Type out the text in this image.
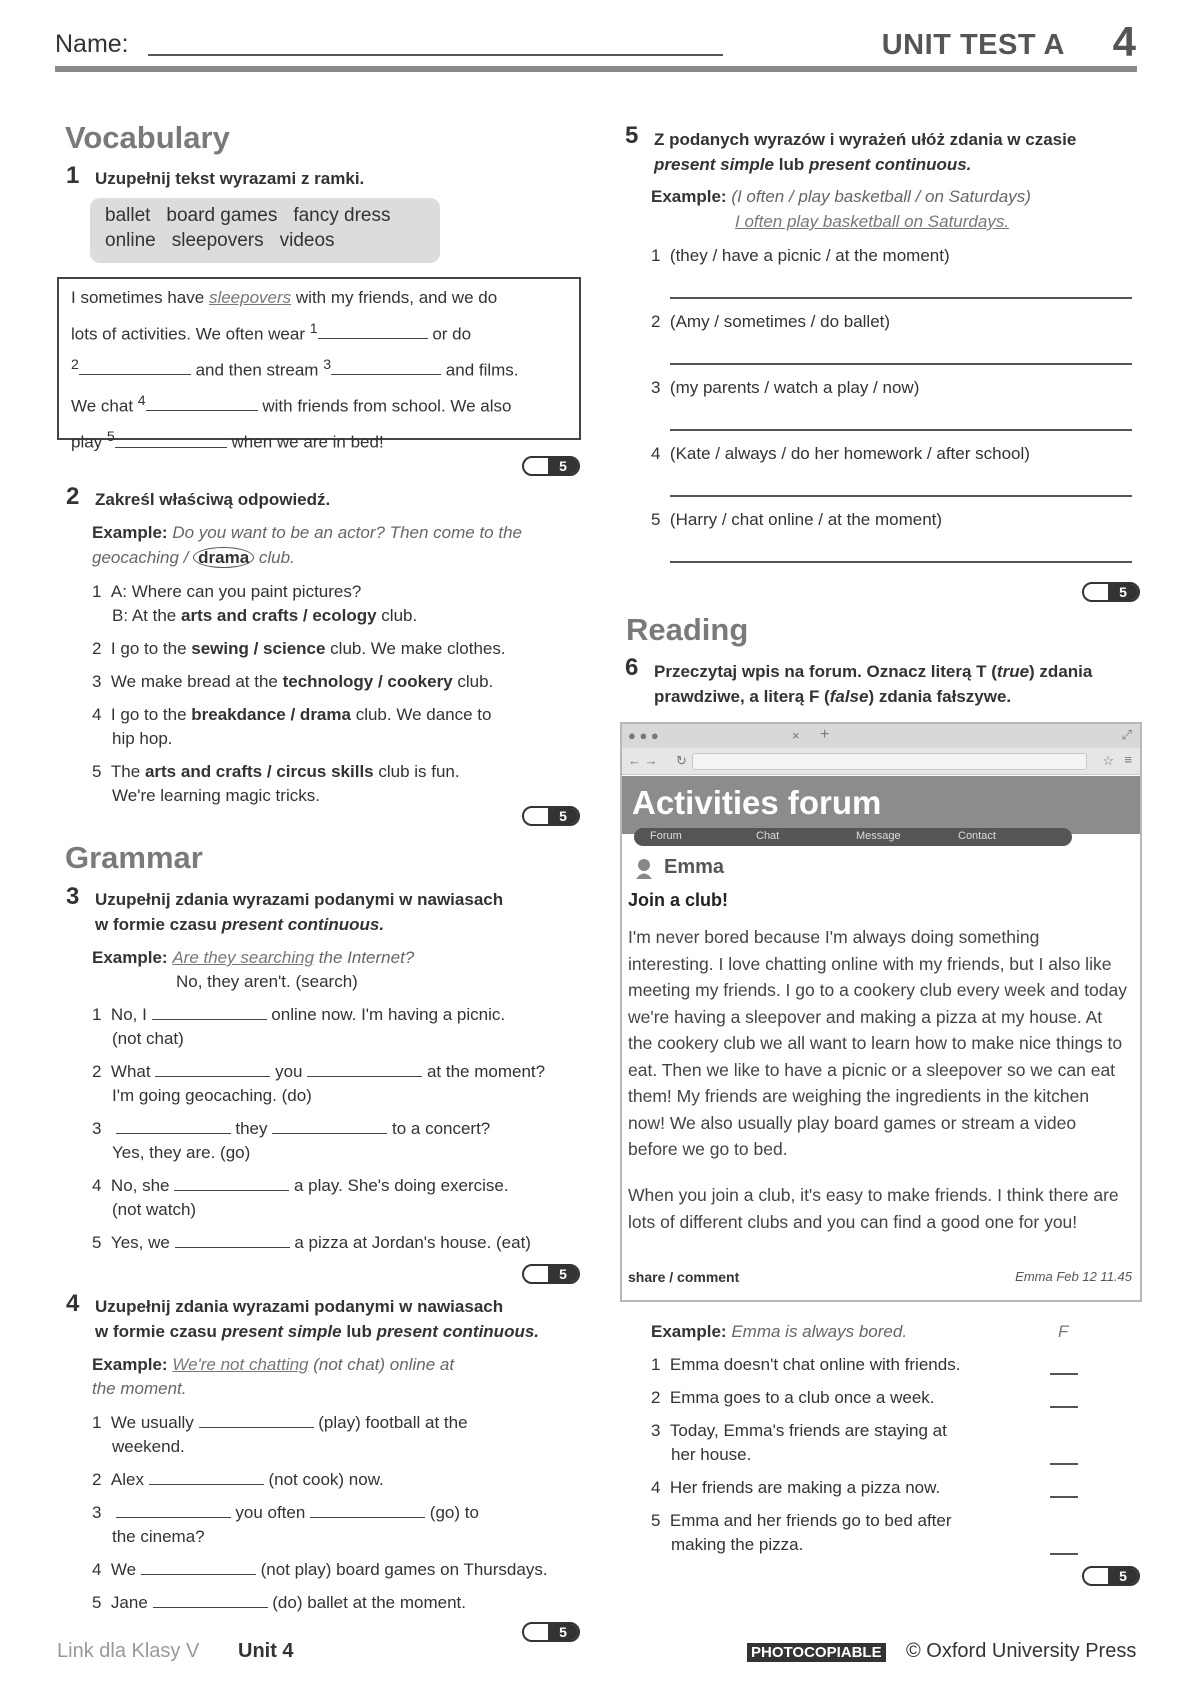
Name:	UNIT TEST A 4
Vocabulary
1 Uzupełnij tekst wyrazami z ramki.
ballet board games fancy dress
online sleepovers videos
I sometimes have sleepovers with my friends, and we do
lots of activities. We often wear $^1$	or do
$^2$	and then stream $^3$	and films.
We chat $^4$	with friends from school. We also
play $^5$	when we are in bed!
5
2 Zakreśl właściwą odpowiedź.
Example: Do you want to be an actor? Then come to the
geocaching / drama club.
1 A: Where can you paint pictures?
B: At the arts and crafts / ecology club.
2 I go to the sewing / science club. We make clothes.
3 We make bread at the technology / cookery club.
4 I go to the breakdance / drama club. We dance to
hip hop.
5 The arts and crafts / circus skills club is fun.
We're learning magic tricks.
5
Grammar
3 Uzupełnij zdania wyrazami podanymi w nawiasach
w formie czasu present continuous.
Example: Are they searching the Internet?
No, they aren't. (search)
1 No, I	online now. I'm having a picnic.
(not chat)
2 What	you	at the moment?
I'm going geocaching. (do)
3	they	to a concert?
Yes, they are. (go)
4 No, she	a play. She's doing exercise.
(not watch)
5 Yes, we	a pizza at Jordan's house. (eat)
5
4 Uzupełnij zdania wyrazami podanymi w nawiasach
w formie czasu present simple lub present continuous.
Example: We're not chatting (not chat) online at
the moment.
1 We usually	(play) football at the
weekend.
2 Alex	(not cook) now.
3	you often	(go) to
the cinema?
4 We	(not play) board games on Thursdays.
5 Jane	(do) ballet at the moment.
5
5 Z podanych wyrazów i wyrażeń ułóż zdania w czasie
present simple lub present continuous.
Example: (I often / play basketball / on Saturdays)
I often play basketball on Saturdays.
1 (they / have a picnic / at the moment)
2 (Amy / sometimes / do ballet)
3 (my parents / watch a play / now)
4 (Kate / always / do her homework / after school)
5 (Harry / chat online / at the moment)
5
Reading
6 Przeczytaj wpis na forum. Oznacz literą T (true) zdania
prawdziwe, a literą F (false) zdania fałszywe.
● ● ●	× +	⤢
← → ↻	☆ ≡
Activities forum
Forum	Chat	Message	Contact
Emma
Join a club!
I'm never bored because I'm always doing something interesting. I love chatting online with my friends, but I also like meeting my friends. I go to a cookery club every week and today we're having a sleepover and making a pizza at my house. At the cookery club we all want to learn how to make nice things to eat. Then we like to have a picnic or a sleepover so we can eat them! My friends are weighing the ingredients in the kitchen now! We also usually play board games or stream a video before we go to bed.
When you join a club, it's easy to make friends. I think there are lots of different clubs and you can find a good one for you!
share / comment	Emma Feb 12 11.45
Example: Emma is always bored.	F
1 Emma doesn't chat online with friends.
2 Emma goes to a club once a week.
3 Today, Emma's friends are staying at
her house.
4 Her friends are making a pizza now.
5 Emma and her friends go to bed after
making the pizza.
5
Link dla Klasy V Unit 4	PHOTOCOPIABLE © Oxford University Press
